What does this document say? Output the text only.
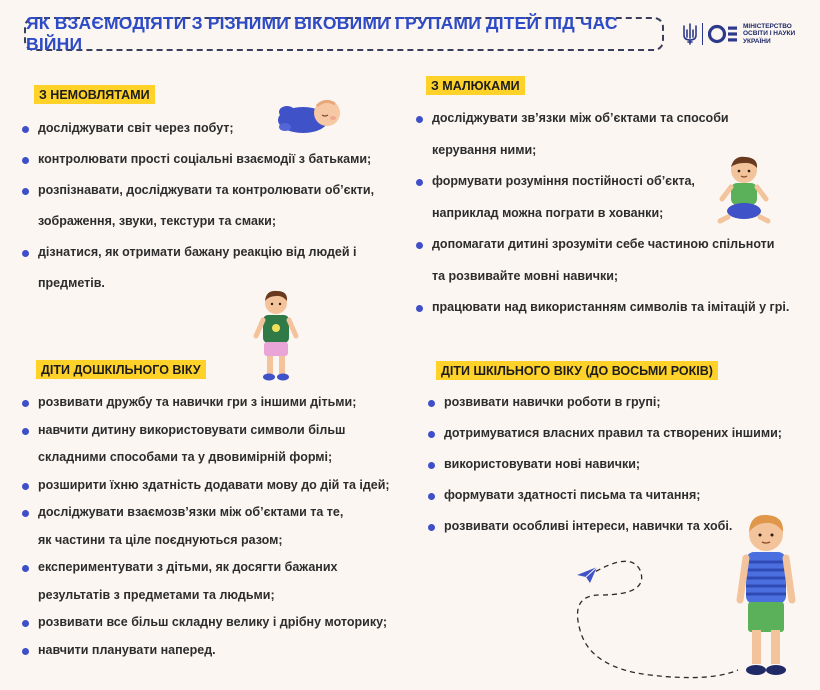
ЯК ВЗАЄМОДІЯТИ З РІЗНИМИ ВІКОВИМИ ГРУПАМИ ДІТЕЙ ПІД ЧАС ВІЙНИ
МІНІСТЕРСТВО
ОСВІТИ І НАУКИ
УКРАЇНИ
З НЕМОВЛЯТАМИ
досліджувати світ через побут;
контролювати прості соціальні взаємодії з батьками;
розпізнавати, досліджувати та контролювати об’єкти,
зображення, звуки, текстури та смаки;
дізнатися, як отримати бажану реакцію від людей і
предметів.
З МАЛЮКАМИ
досліджувати зв’язки між об’єктами та способи
керування ними;
формувати розуміння постійності об’єкта,
наприклад можна пограти в хованки;
допомагати дитині зрозуміти себе частиною спільноти
та розвивайте мовні навички;
працювати над використанням символів та імітацій у грі.
ДІТИ ДОШКІЛЬНОГО ВІКУ
розвивати дружбу та навички гри з іншими дітьми;
навчити дитину використовувати символи більш
складними способами та у двовимірній формі;
розширити їхню здатність додавати мову до дій та ідей;
досліджувати взаємозв’язки між об’єктами та те,
як частини та ціле поєднуються разом;
експериментувати з дітьми, як досягти бажаних
результатів з предметами та людьми;
розвивати все більш складну велику і дрібну моторику;
навчити планувати наперед.
ДІТИ ШКІЛЬНОГО ВІКУ (ДО ВОСЬМИ РОКІВ)
розвивати навички роботи в групі;
дотримуватися власних правил та створених іншими;
використовувати нові навички;
формувати здатності письма та читання;
розвивати особливі інтереси, навички та хобі.
